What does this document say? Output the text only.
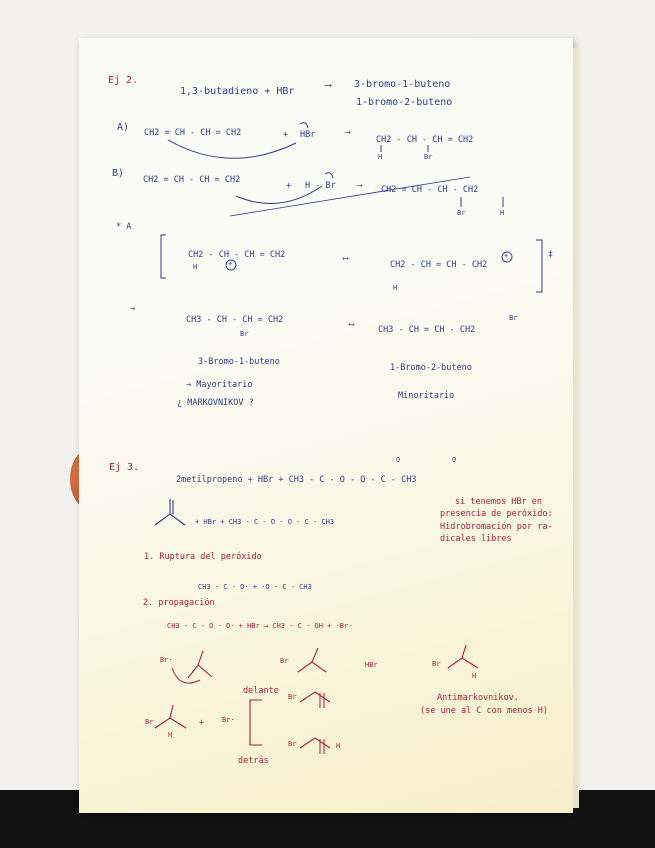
Ej 2.
1,3-butadieno + HBr
⟶ 3-bromo-1-buteno
1-bromo-2-buteno
A) CH2 = CH - CH = CH2	+ HBr	⟶
CH2 - CH - CH = CH2
H	Br
B)
CH2 = CH - CH = CH2
+ H - Br	⟶ CH2 = CH - CH - CH2
Br	H
* A
CH2 - CH - CH = CH2
H	+	⟷
CH2 - CH = CH - CH2
H
+	‡
→
CH3 - CH - CH = CH2
Br
⟷	CH3 - CH = CH - CH2
Br
3-Bromo-1-buteno
1-Bromo-2-buteno
→ Mayoritario
Minoritario
¿ MARKOVNIKOV ?
Ej 3.
2metilpropeno + HBr + CH3 - C - O - O - C - CH3
O	O
si tenemos HBr en
presencia de peróxido:
Hidrobromación por ra-
dicales libres
+ HBr + CH3 - C - O - O - C - CH3
1. Ruptura del peróxido
CH3 - C - O· + ·O - C - CH3
2. propagación
CH3 - C - O - O· + HBr ⟶ CH3 - C - OH + ·Br·
Br·	Br	HBr	Br
H
Antimarkovnikov.
(se une al C con menos H)
Br
H
+	Br·
delante
detrás
Br
Br	H
